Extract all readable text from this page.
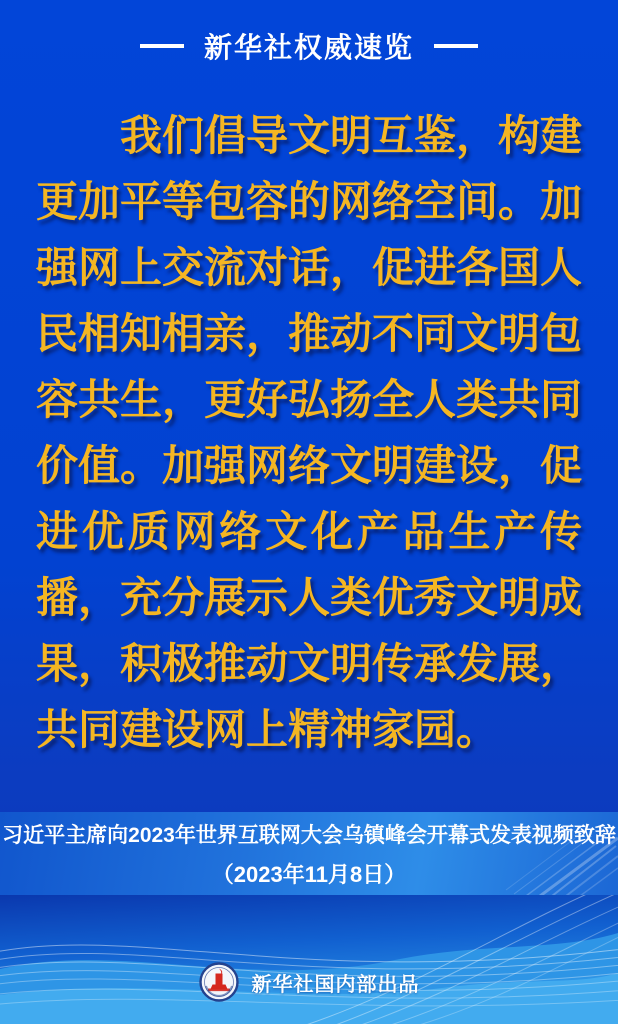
新华社权威速览
我们倡导文明互鉴，构建
更加平等包容的网络空间。加
强网上交流对话，促进各国人
民相知相亲，推动不同文明包
容共生，更好弘扬全人类共同
价值。加强网络文明建设，促
进优质网络文化产品生产传
播，充分展示人类优秀文明成
果，积极推动文明传承发展，
共同建设网上精神家园。
习近平主席向2023年世界互联网大会乌镇峰会开幕式发表视频致辞
（2023年11月8日）
新华社国内部出品
